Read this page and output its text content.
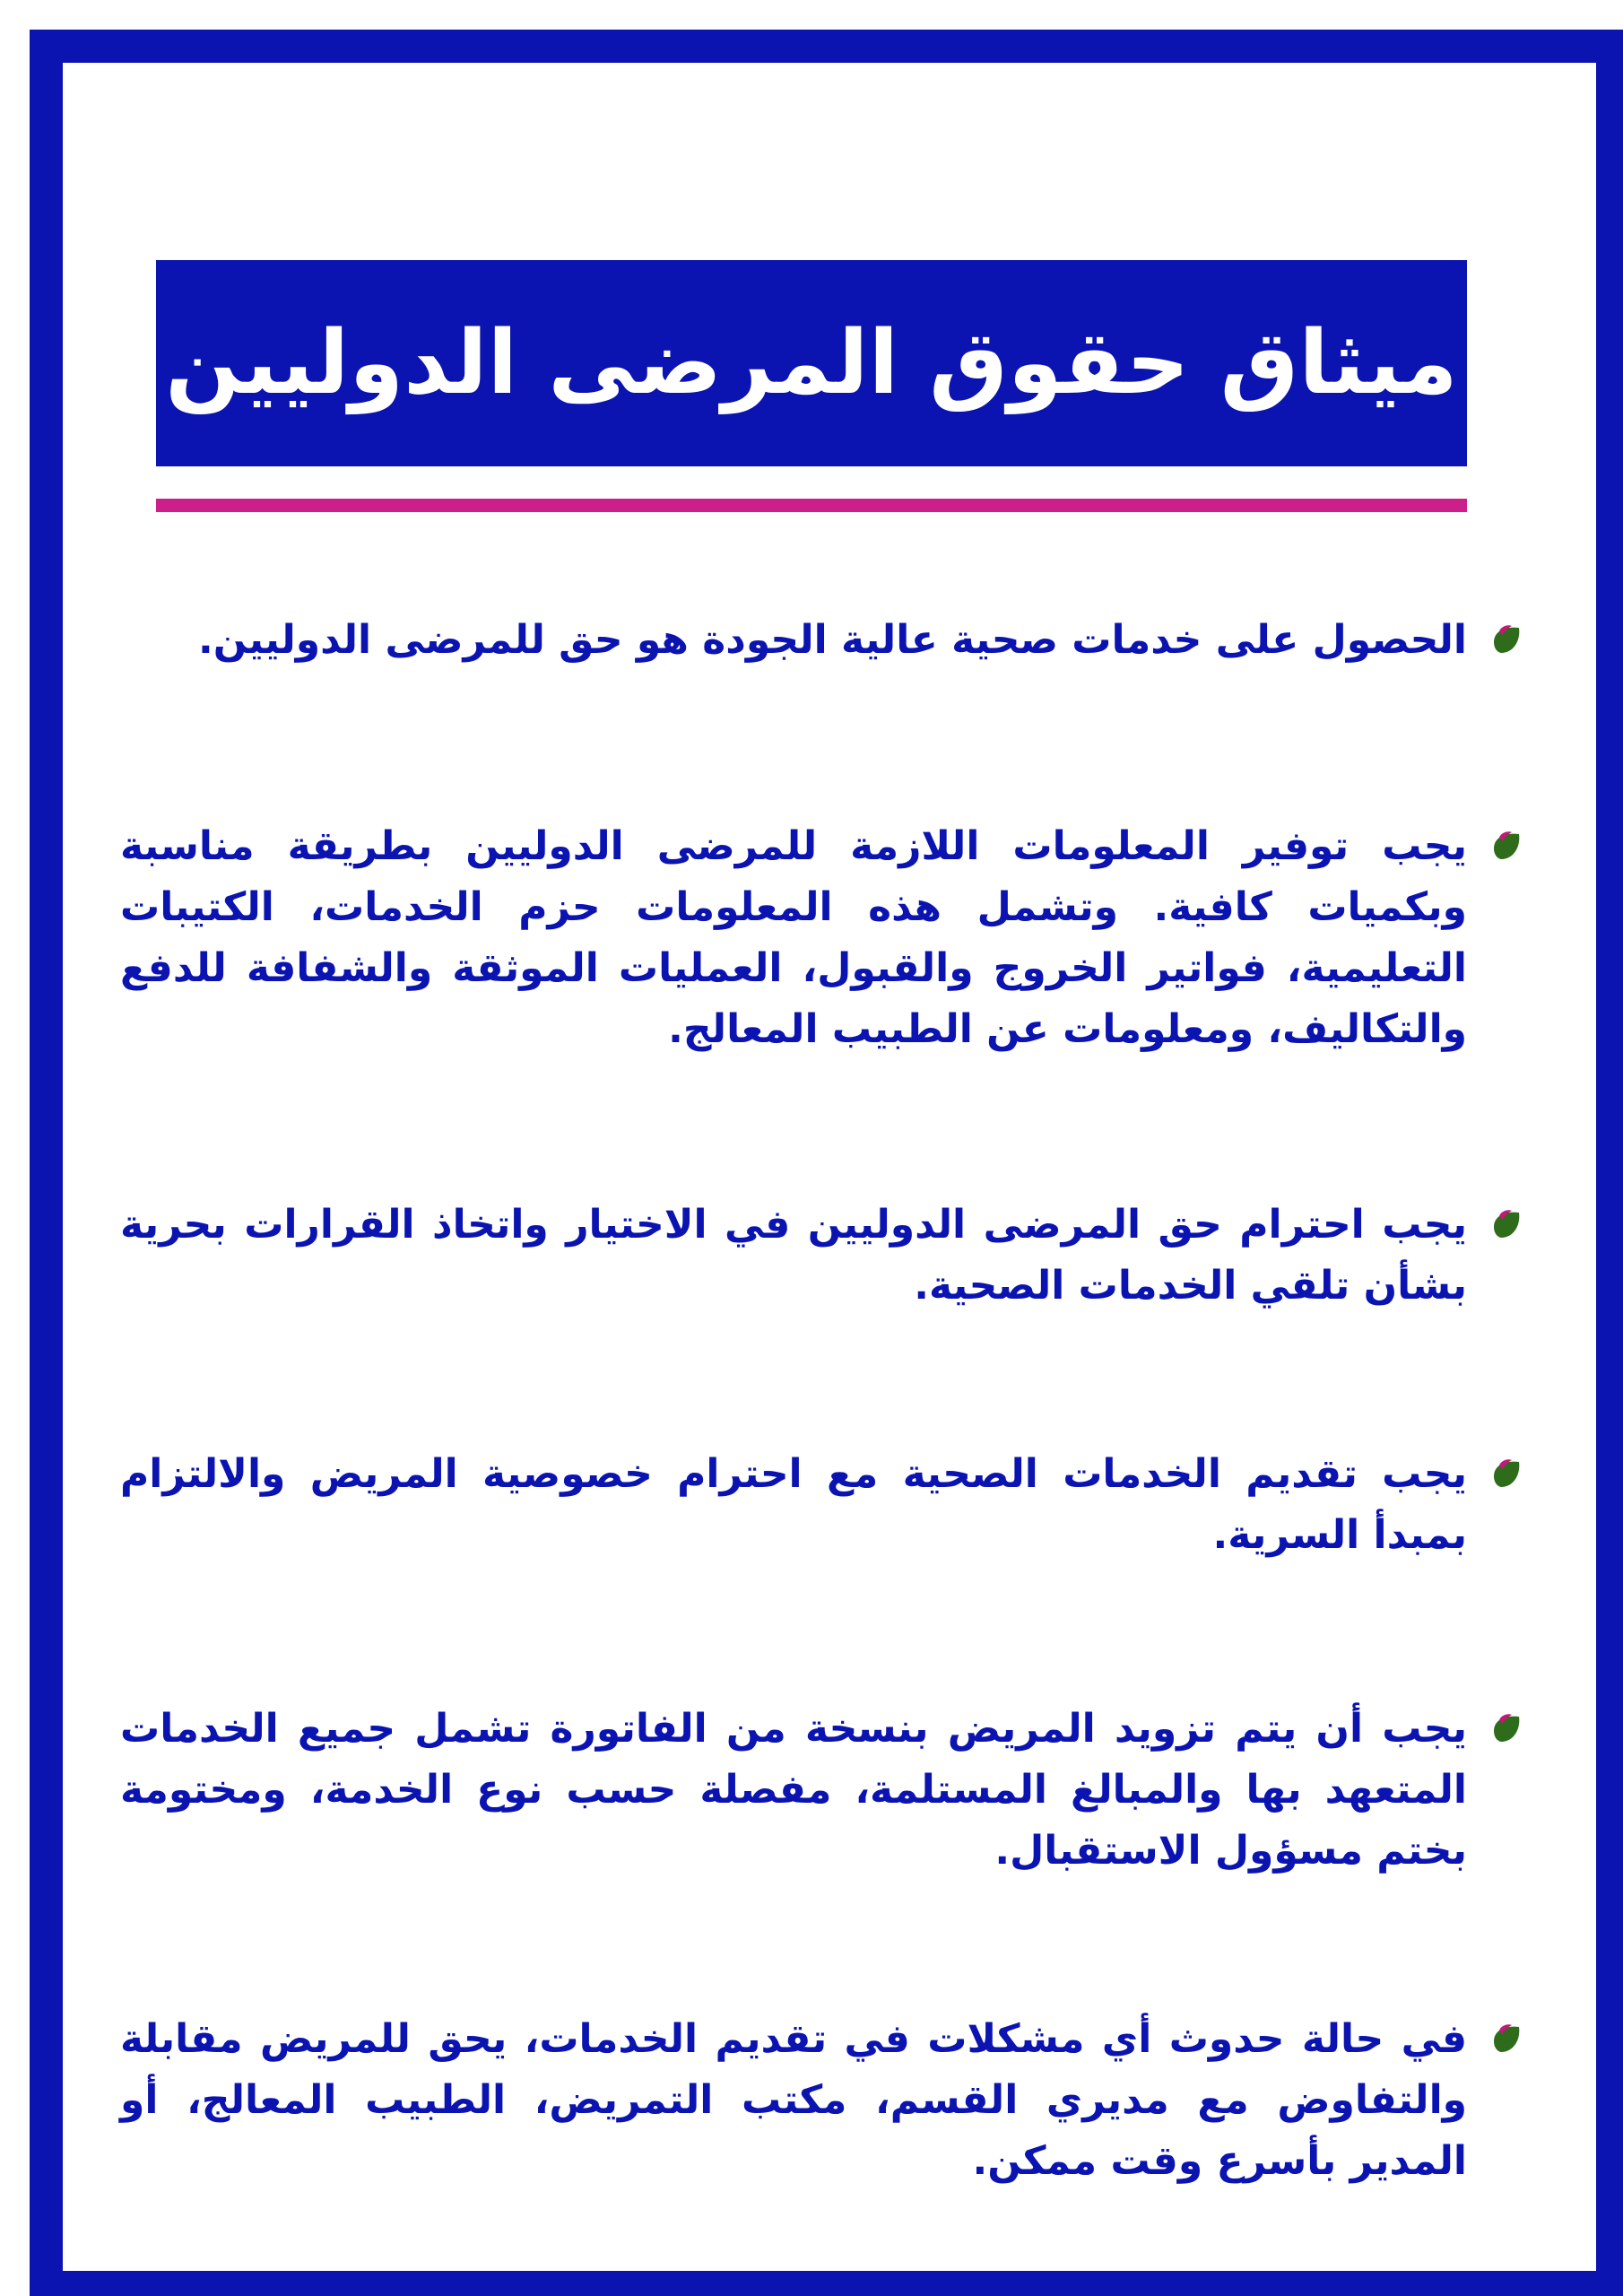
ميثاق حقوق المرضى الدوليين

الحصول على خدمات صحية عالية الجودة هو حق للمرضى الدوليين.

يجب توفير المعلومات اللازمة للمرضى الدوليين بطريقة مناسبة وبكميات كافية. وتشمل هذه المعلومات حزم الخدمات، الكتيبات التعليمية، فواتير الخروج والقبول، العمليات الموثقة والشفافة للدفع والتكاليف، ومعلومات عن الطبيب المعالج.

يجب احترام حق المرضى الدوليين في الاختيار واتخاذ القرارات بحرية بشأن تلقي الخدمات الصحية.

يجب تقديم الخدمات الصحية مع احترام خصوصية المريض والالتزام بمبدأ السرية.

يجب أن يتم تزويد المريض بنسخة من الفاتورة تشمل جميع الخدمات المتعهد بها والمبالغ المستلمة، مفصلة حسب نوع الخدمة، ومختومة بختم مسؤول الاستقبال.

في حالة حدوث أي مشكلات في تقديم الخدمات، يحق للمريض مقابلة والتفاوض مع مديري القسم، مكتب التمريض، الطبيب المعالج، أو المدير بأسرع وقت ممكن.
